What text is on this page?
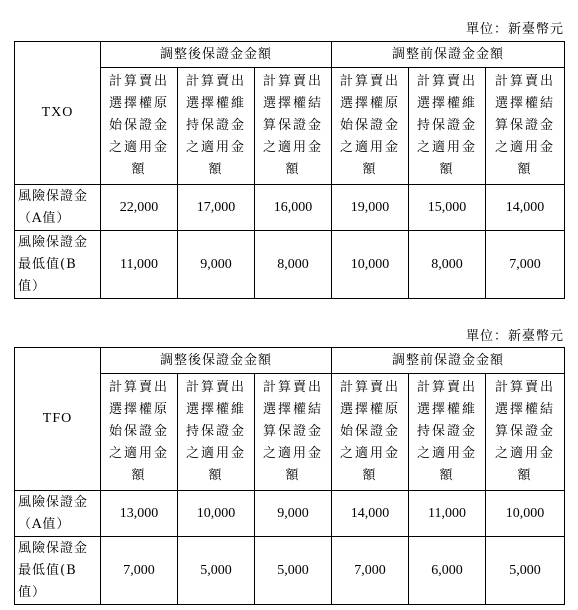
單位：新臺幣元
TXO	調整後保證金金額			調整前保證金金額		

	計算賣出選擇權原始保證金之適用金額	計算賣出選擇權維持保證金之適用金額	計算賣出選擇權結算保證金之適用金額	計算賣出選擇權原始保證金之適用金額	計算賣出選擇權維持保證金之適用金額	計算賣出選擇權結算保證金之適用金額

風險保證金（A值）	22,000	17,000	16,000	19,000	15,000	14,000

風險保證金最低值(B值）	11,000	9,000	8,000	10,000	8,000	7,000
單位：新臺幣元
TFO	調整後保證金金額			調整前保證金金額		

	計算賣出選擇權原始保證金之適用金額	計算賣出選擇權維持保證金之適用金額	計算賣出選擇權結算保證金之適用金額	計算賣出選擇權原始保證金之適用金額	計算賣出選擇權維持保證金之適用金額	計算賣出選擇權結算保證金之適用金額

風險保證金（A值）	13,000	10,000	9,000	14,000	11,000	10,000

風險保證金最低值(B值）	7,000	5,000	5,000	7,000	6,000	5,000
